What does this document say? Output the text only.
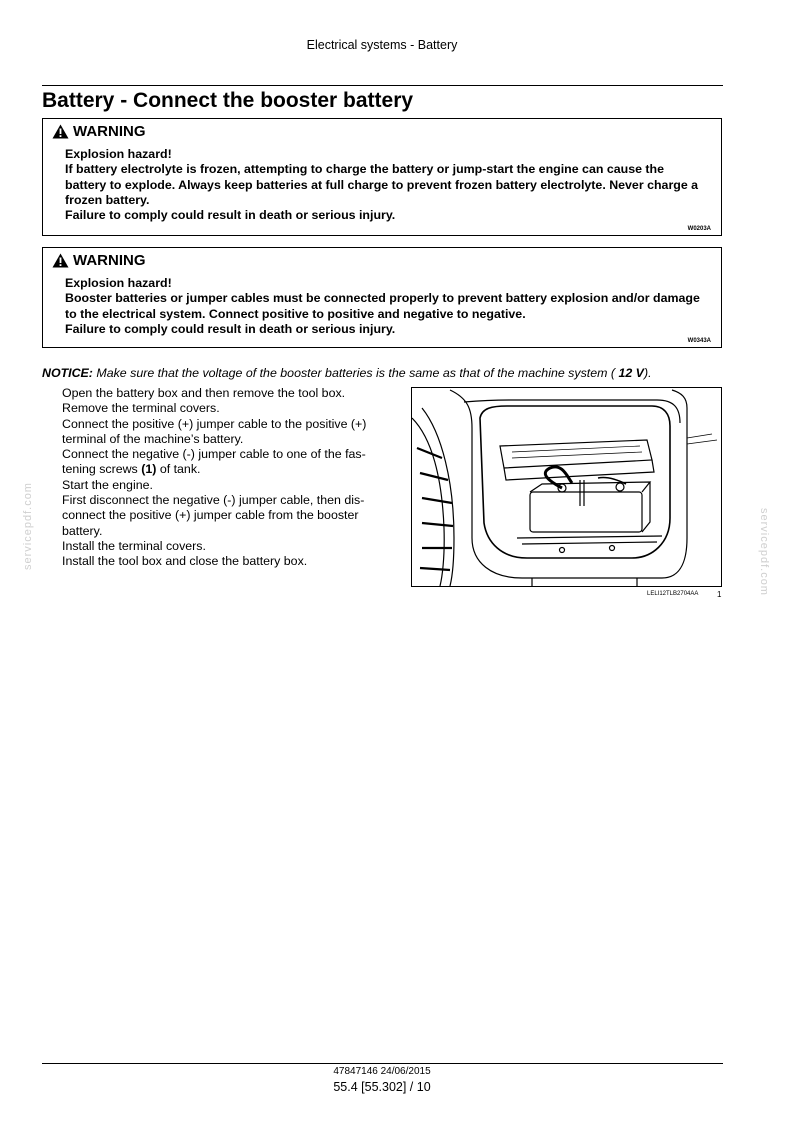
Electrical systems - Battery
Battery - Connect the booster battery
WARNING

Explosion hazard!

If battery electrolyte is frozen, attempting to charge the battery or jump-start the engine can cause the battery to explode. Always keep batteries at full charge to prevent frozen battery electrolyte. Never charge a frozen battery.

Failure to comply could result in death or serious injury.

W0203A
WARNING

Explosion hazard!

Booster batteries or jumper cables must be connected properly to prevent battery explosion and/or damage to the electrical system. Connect positive to positive and negative to negative.

Failure to comply could result in death or serious injury.

W0343A
NOTICE: Make sure that the voltage of the booster batteries is the same as that of the machine system ( 12 V).
Open the battery box and then remove the tool box.
Remove the terminal covers.
Connect the positive (+) jumper cable to the positive (+) terminal of the machine’s battery.
Connect the negative (-) jumper cable to one of the fas-
tening screws (1) of tank.
Start the engine.
First disconnect the negative (-) jumper cable, then dis- connect the positive (+) jumper cable from the booster battery.
Install the terminal covers.
Install the tool box and close the battery box.
LELI12TLB2704AA 1
servicepdf.com	servicepdf.com
47847146 24/06/2015
55.4 [55.302] / 10
